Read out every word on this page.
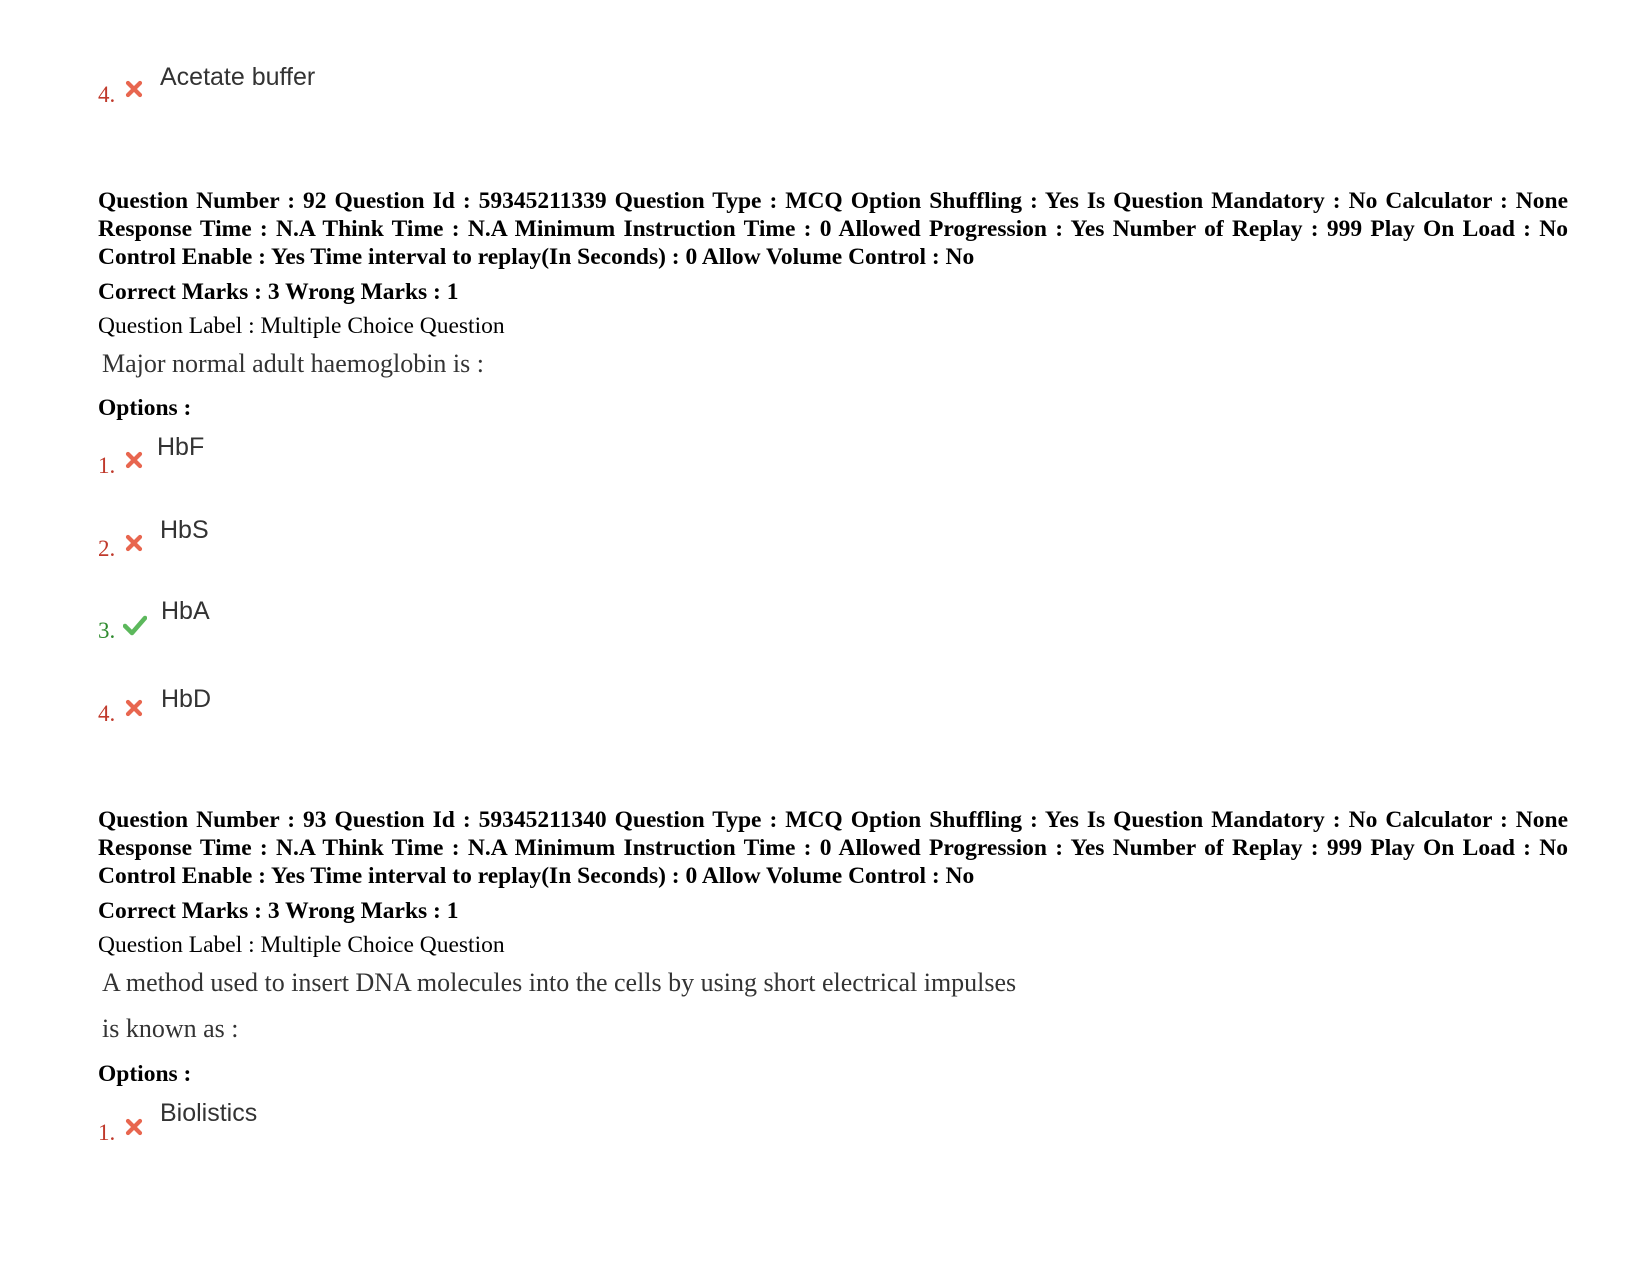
4.
Acetate buffer
Question Number : 92 Question Id : 59345211339 Question Type : MCQ Option Shuffling : Yes Is Question Mandatory : No Calculator : None Response Time : N.A Think Time : N.A Minimum Instruction Time : 0 Allowed Progression : Yes Number of Replay : 999 Play On Load : No Control Enable : Yes Time interval to replay(In Seconds) : 0 Allow Volume Control : No
Correct Marks : 3 Wrong Marks : 1
Question Label : Multiple Choice Question
Major normal adult haemoglobin is :
Options :
1.
HbF
2.
HbS
3.
HbA
4.
HbD
Question Number : 93 Question Id : 59345211340 Question Type : MCQ Option Shuffling : Yes Is Question Mandatory : No Calculator : None Response Time : N.A Think Time : N.A Minimum Instruction Time : 0 Allowed Progression : Yes Number of Replay : 999 Play On Load : No Control Enable : Yes Time interval to replay(In Seconds) : 0 Allow Volume Control : No
Correct Marks : 3 Wrong Marks : 1
Question Label : Multiple Choice Question
A method used to insert DNA molecules into the cells by using short electrical impulses
is known as :
Options :
1.
Biolistics
